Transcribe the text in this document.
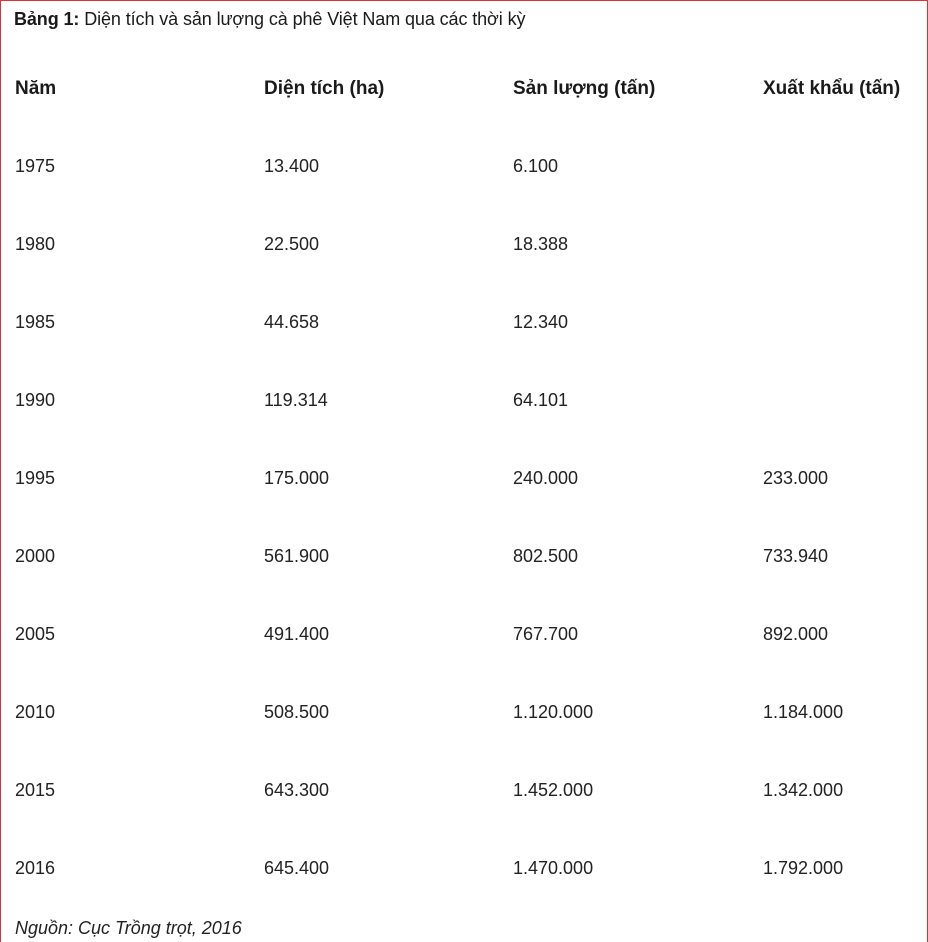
Bảng 1: Diện tích và sản lượng cà phê Việt Nam qua các thời kỳ
Năm	Diện tích (ha)	Sản lượng (tấn)	Xuất khẩu (tấn)
1975	13.400	6.100
1980	22.500	18.388
1985	44.658	12.340
1990	119.314	64.101
1995	175.000	240.000	233.000
2000	561.900	802.500	733.940
2005	491.400	767.700	892.000
2010	508.500	1.120.000	1.184.000
2015	643.300	1.452.000	1.342.000
2016	645.400	1.470.000	1.792.000
Nguồn: Cục Trồng trọt, 2016
